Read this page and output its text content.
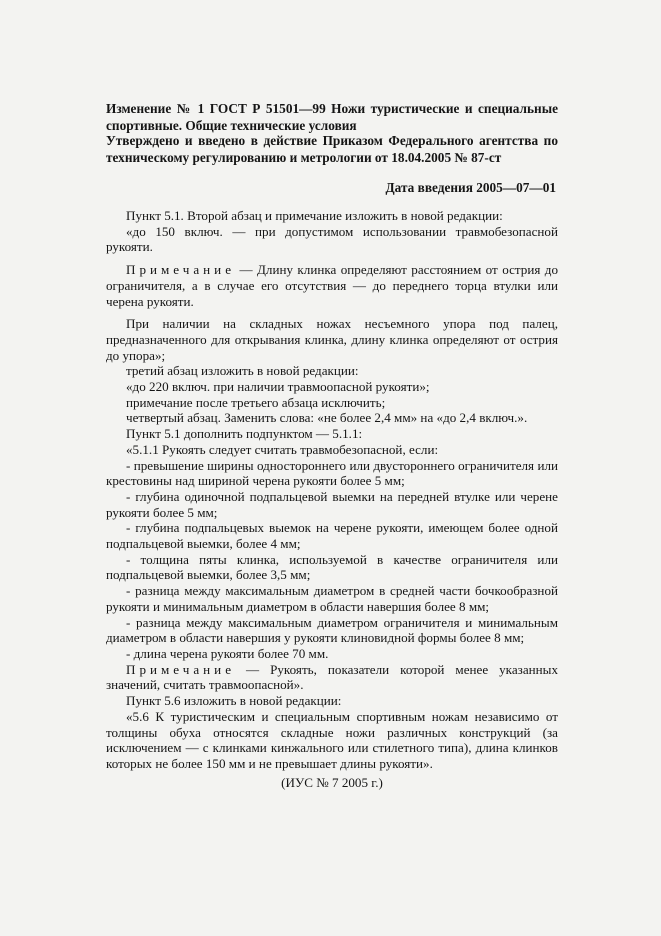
Изменение № 1 ГОСТ Р 51501—99 Ножи туристические и специальные спортивные. Общие технические условия
Утверждено и введено в действие Приказом Федерального агентства по техническому регулированию и метрологии от 18.04.2005 № 87-ст
Дата введения 2005—07—01

Пункт 5.1. Второй абзац и примечание изложить в новой редакции:

«до 150 включ. — при допустимом использовании травмобезопасной рукояти.

Примечание — Длину клинка определяют расстоянием от острия до ограничителя, а в случае его отсутствия — до переднего торца втулки или черена рукояти.

При наличии на складных ножах несъемного упора под палец, предназначенного для открывания клинка, длину клинка определяют от острия до упора»;

третий абзац изложить в новой редакции:

«до 220 включ. при наличии травмоопасной рукояти»;

примечание после третьего абзаца исключить;

четвертый абзац. Заменить слова: «не более 2,4 мм» на «до 2,4 включ.».

Пункт 5.1 дополнить подпунктом — 5.1.1:

«5.1.1 Рукоять следует считать травмобезопасной, если:

- превышение ширины одностороннего или двустороннего ограничителя или крестовины над шириной черена рукояти более 5 мм;

- глубина одиночной подпальцевой выемки на передней втулке или черене рукояти более 5 мм;

- глубина подпальцевых выемок на черене рукояти, имеющем более одной подпальцевой выемки, более 4 мм;

- толщина пяты клинка, используемой в качестве ограничителя или подпальцевой выемки, более 3,5 мм;

- разница между максимальным диаметром в средней части бочкообразной рукояти и минимальным диаметром в области навершия более 8 мм;

- разница между максимальным диаметром ограничителя и минимальным диаметром в области навершия у рукояти клиновидной формы более 8 мм;

- длина черена рукояти более 70 мм.

Примечание — Рукоять, показатели которой менее указанных значений, считать травмоопасной».

Пункт 5.6 изложить в новой редакции:

«5.6 К туристическим и специальным спортивным ножам независимо от толщины обуха относятся складные ножи различных конструкций (за исключением — с клинками кинжального или стилетного типа), длина клинков которых не более 150 мм и не превышает длины рукояти».

(ИУС № 7 2005 г.)
